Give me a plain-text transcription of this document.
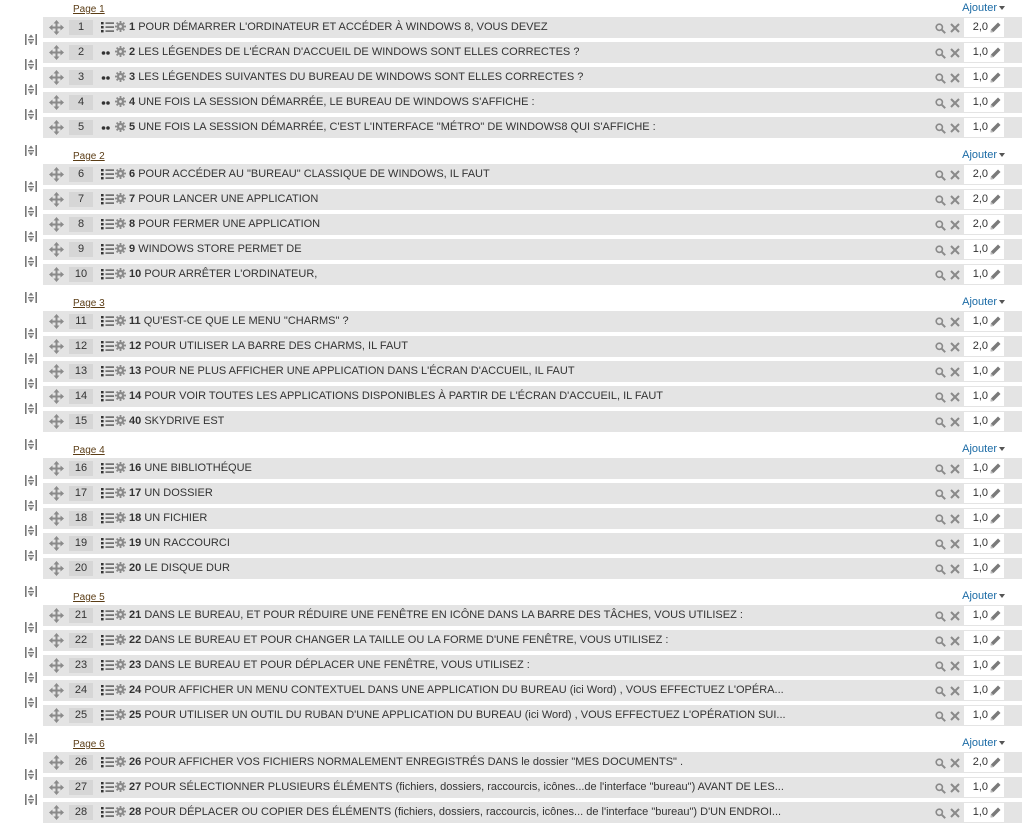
Page 1	Ajouter
1	1 POUR DÉMARRER L'ORDINATEUR ET ACCÉDER À WINDOWS 8, VOUS DEVEZ	2,0
2	2 LES LÉGENDES DE L'ÉCRAN D'ACCUEIL DE WINDOWS SONT ELLES CORRECTES ?	1,0
3	3 LES LÉGENDES SUIVANTES DU BUREAU DE WINDOWS SONT ELLES CORRECTES ?	1,0
4	4 UNE FOIS LA SESSION DÉMARRÉE, LE BUREAU DE WINDOWS S'AFFICHE :	1,0
5	5 UNE FOIS LA SESSION DÉMARRÉE, C'EST L'INTERFACE "MÉTRO" DE WINDOWS8 QUI S'AFFICHE :	1,0
Page 2	Ajouter
6	6 POUR ACCÉDER AU "BUREAU" CLASSIQUE DE WINDOWS, IL FAUT	2,0
7	7 POUR LANCER UNE APPLICATION	2,0
8	8 POUR FERMER UNE APPLICATION	2,0
9	9 WINDOWS STORE PERMET DE	1,0
10	10 POUR ARRÊTER L'ORDINATEUR,	1,0
Page 3	Ajouter
11	11 QU'EST-CE QUE LE MENU "CHARMS" ?	1,0
12	12 POUR UTILISER LA BARRE DES CHARMS, IL FAUT	2,0
13	13 POUR NE PLUS AFFICHER UNE APPLICATION DANS L'ÉCRAN D'ACCUEIL, IL FAUT	1,0
14	14 POUR VOIR TOUTES LES APPLICATIONS DISPONIBLES À PARTIR DE L'ÉCRAN D'ACCUEIL, IL FAUT	1,0
15	40 SKYDRIVE EST	1,0
Page 4	Ajouter
16	16 UNE BIBLIOTHÉQUE	1,0
17	17 UN DOSSIER	1,0
18	18 UN FICHIER	1,0
19	19 UN RACCOURCI	1,0
20	20 LE DISQUE DUR	1,0
Page 5	Ajouter
21	21 DANS LE BUREAU, ET POUR RÉDUIRE UNE FENÊTRE EN ICÔNE DANS LA BARRE DES TÂCHES, VOUS UTILISEZ :	1,0
22	22 DANS LE BUREAU ET POUR CHANGER LA TAILLE OU LA FORME D'UNE FENÊTRE, VOUS UTILISEZ :	1,0
23	23 DANS LE BUREAU ET POUR DÉPLACER UNE FENÊTRE, VOUS UTILISEZ :	1,0
24	24 POUR AFFICHER UN MENU CONTEXTUEL DANS UNE APPLICATION DU BUREAU (ici Word) , VOUS EFFECTUEZ L'OPÉRA...	1,0
25	25 POUR UTILISER UN OUTIL DU RUBAN D'UNE APPLICATION DU BUREAU (ici Word) , VOUS EFFECTUEZ L'OPÉRATION SUI...	1,0
Page 6	Ajouter
26	26 POUR AFFICHER VOS FICHIERS NORMALEMENT ENREGISTRÉS DANS le dossier "MES DOCUMENTS" .	2,0
27	27 POUR SÉLECTIONNER PLUSIEURS ÉLÉMENTS (fichiers, dossiers, raccourcis, icônes...de l'interface "bureau") AVANT DE LES...	1,0
28	28 POUR DÉPLACER OU COPIER DES ÉLÉMENTS (fichiers, dossiers, raccourcis, icônes... de l'interface "bureau") D'UN ENDROI...	1,0
